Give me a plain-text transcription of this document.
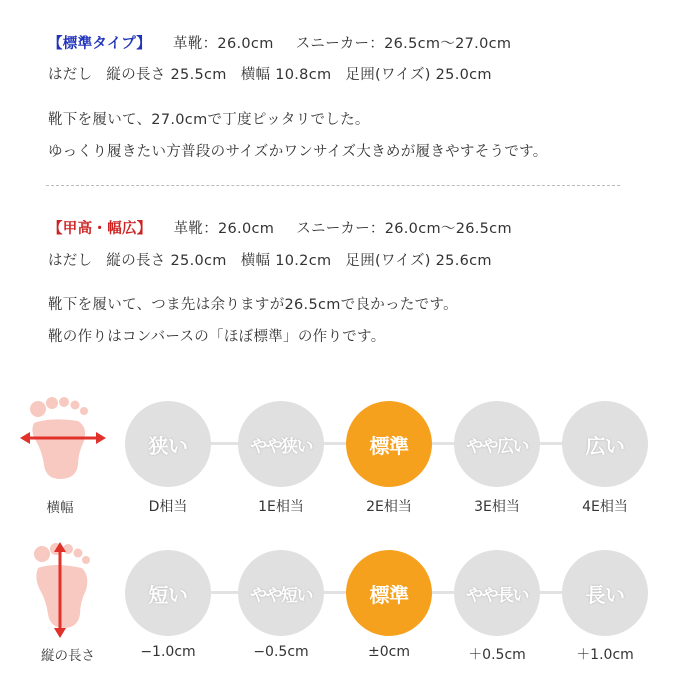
【標準タイプ】 革靴：26.0cm スニーカー：26.5cm〜27.0cm
はだし 縦の長さ 25.5cm 横幅 10.8cm 足囲(ワイズ) 25.0cm
靴下を履いて、27.0cmで丁度ピッタリでした。
ゆっくり履きたい方普段のサイズかワンサイズ大きめが履きやすそうです。
【甲高・幅広】 革靴：26.0cm スニーカー：26.0cm〜26.5cm
はだし 縦の長さ 25.0cm 横幅 10.2cm 足囲(ワイズ) 25.6cm
靴下を履いて、つま先は余りますが26.5cmで良かったです。
靴の作りはコンバースの「ほぼ標準」の作りです。
横幅
狭い
D相当
やや狭い
1E相当
標準
2E相当
やや広い
3E相当
広い
4E相当
縦の長さ
短い
−1.0cm
やや短い
−0.5cm
標準
±0cm
やや長い
＋0.5cm
長い
＋1.0cm
